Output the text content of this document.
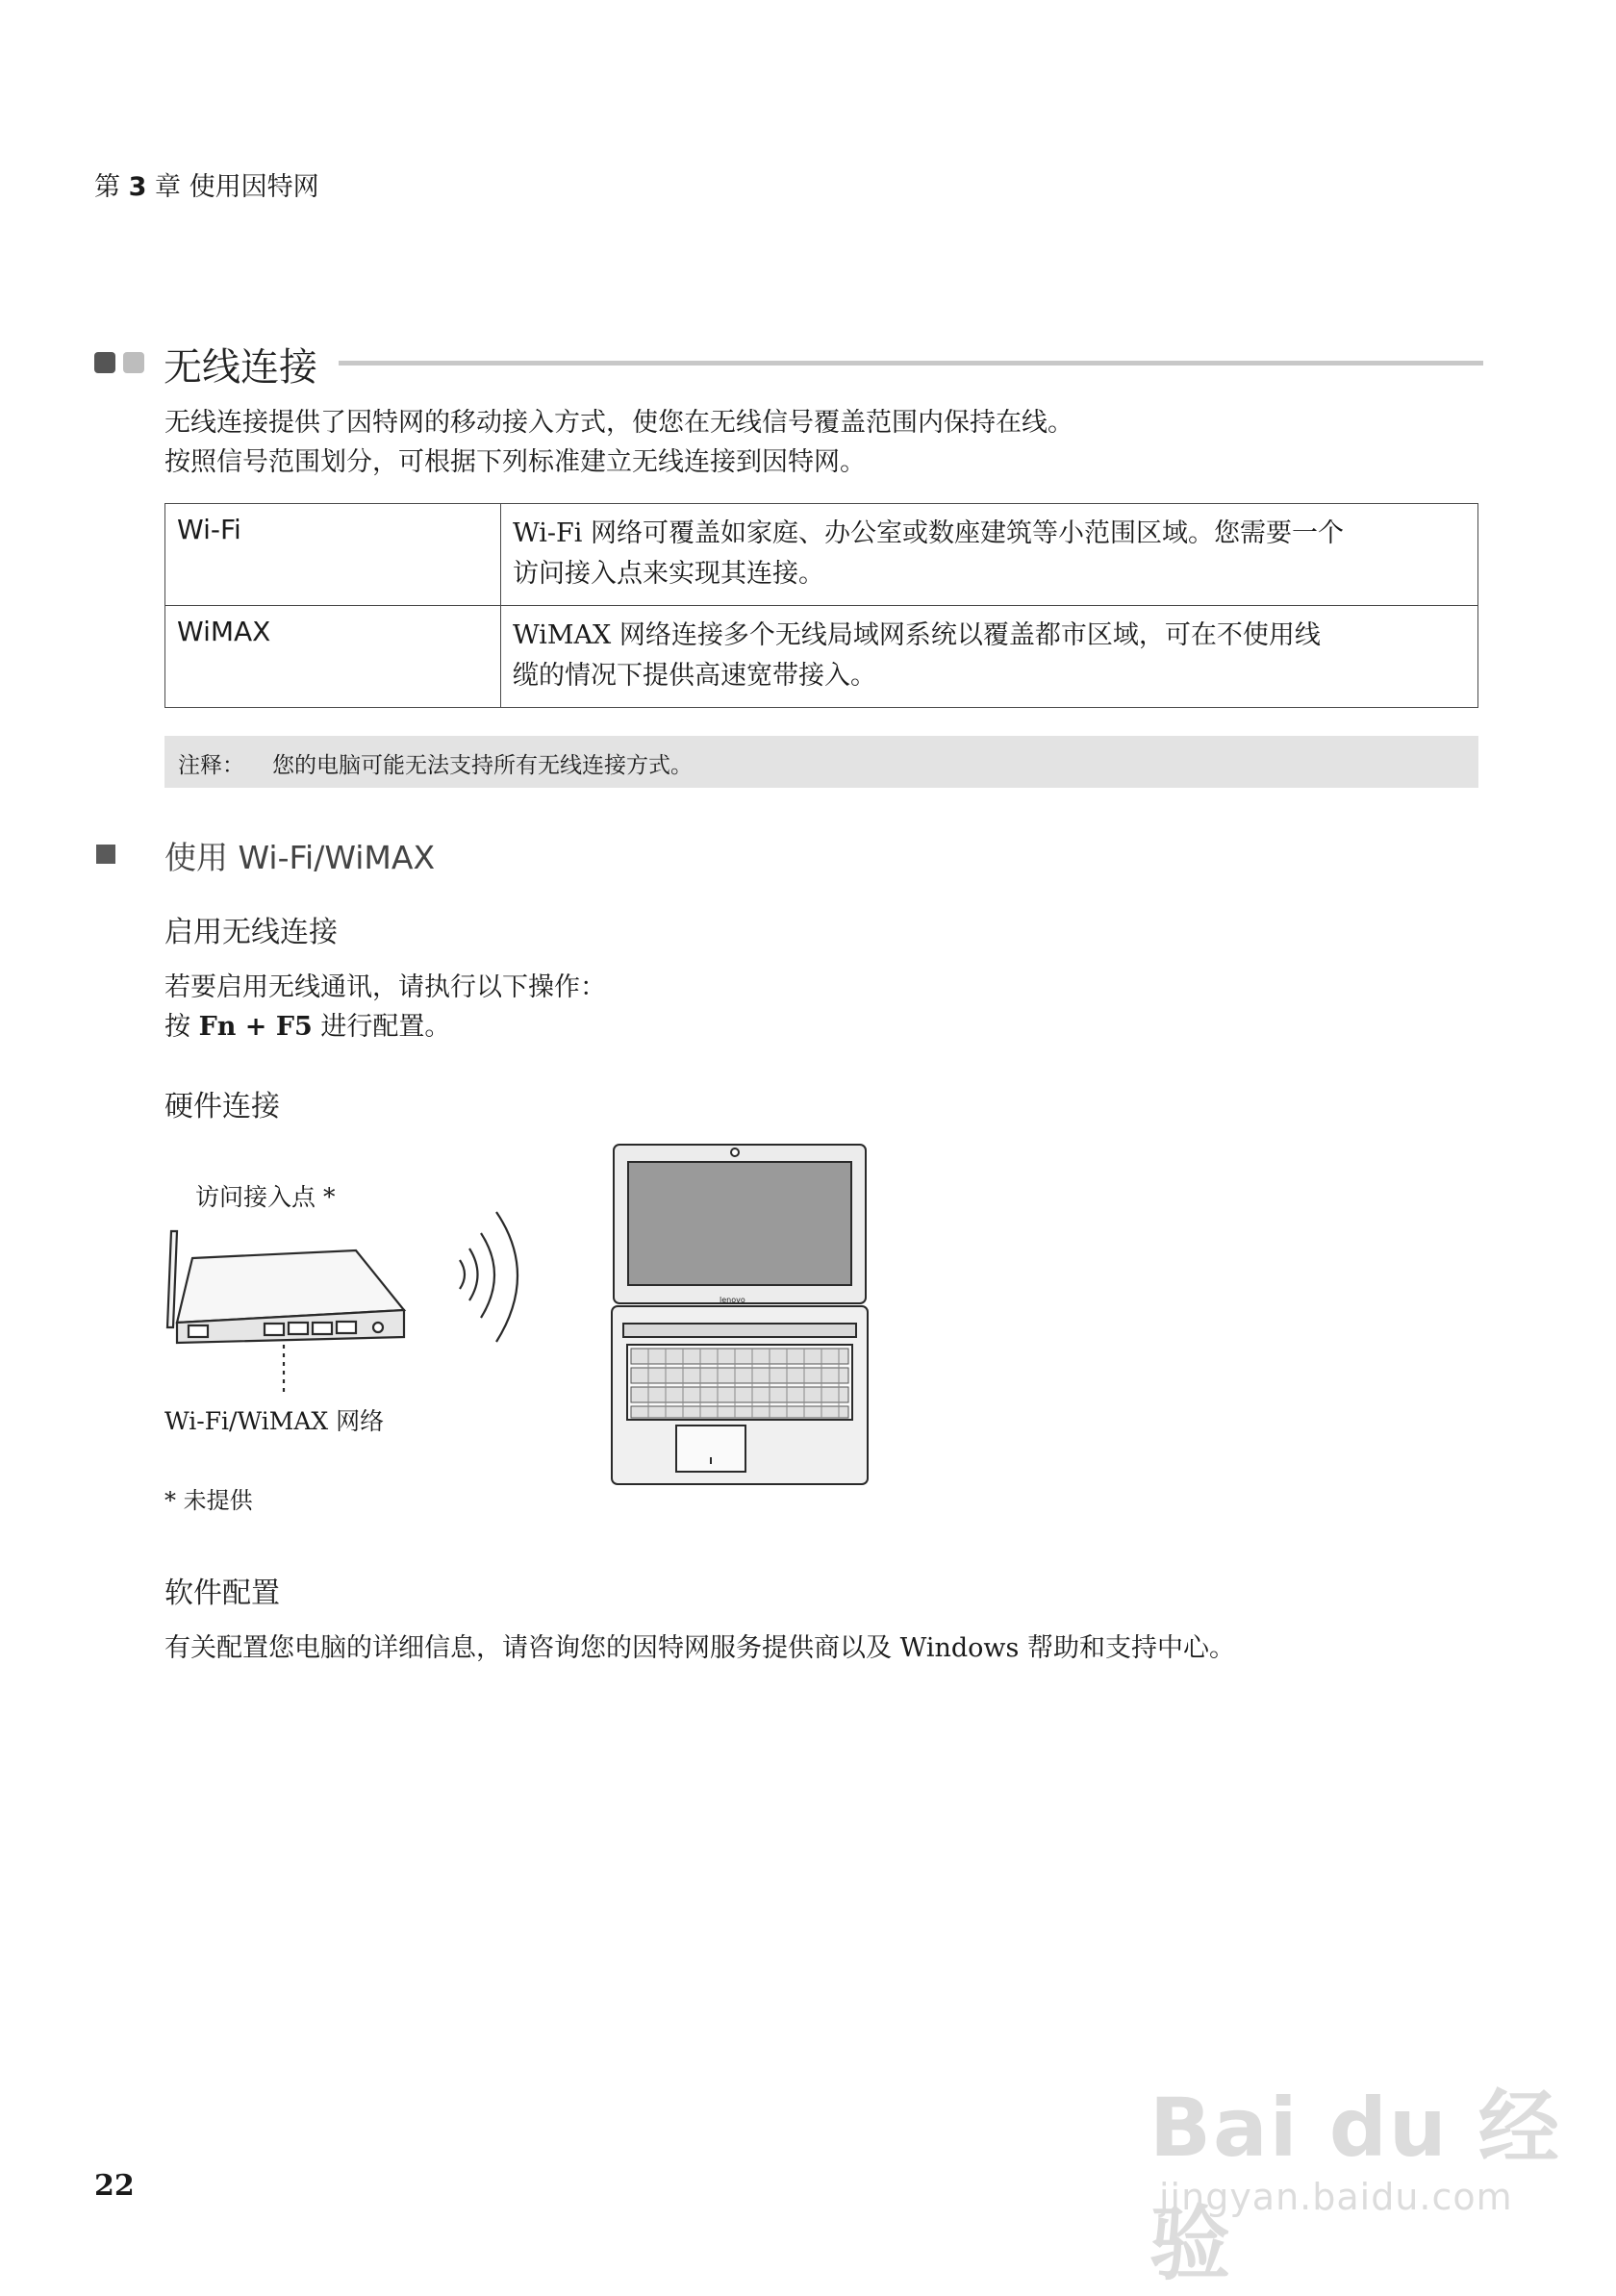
第 3 章 使用因特网
无线连接
无线连接提供了因特网的移动接入方式，使您在无线信号覆盖范围内保持在线。
按照信号范围划分，可根据下列标准建立无线连接到因特网。
Wi-Fi	Wi-Fi 网络可覆盖如家庭、办公室或数座建筑等小范围区域。您需要一个
访问接入点来实现其连接。

WiMAX	WiMAX 网络连接多个无线局域网系统以覆盖都市区域，可在不使用线
缆的情况下提供高速宽带接入。
注释： 您的电脑可能无法支持所有无线连接方式。
使用 Wi-Fi/WiMAX
启用无线连接
若要启用无线通讯，请执行以下操作：
按 Fn + F5 进行配置。
硬件连接
访问接入点 *
Wi-Fi/WiMAX 网络
* 未提供
lenovo
软件配置
有关配置您电脑的详细信息，请咨询您的因特网服务提供商以及 Windows 帮助和支持中心。
22
Bai du 经验
jingyan.baidu.com
